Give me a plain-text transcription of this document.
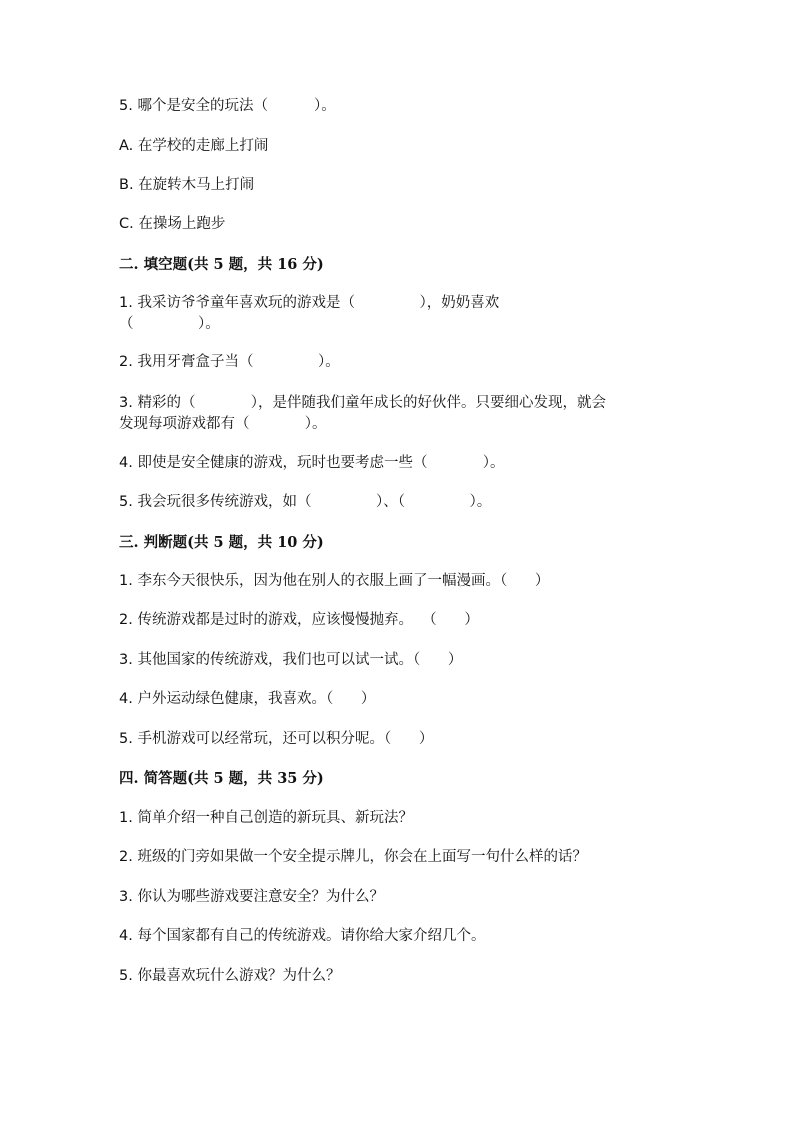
5. 哪个是安全的玩法（          ）。
A. 在学校的走廊上打闹
B. 在旋转木马上打闹
C. 在操场上跑步
二. 填空题(共 5 题，共 16 分)
1. 我采访爷爷童年喜欢玩的游戏是（              ），奶奶喜欢
（              ）。
2. 我用牙膏盒子当（              ）。
3. 精彩的（            ），是伴随我们童年成长的好伙伴。只要细心发现，就会
发现每项游戏都有（            ）。
4. 即使是安全健康的游戏，玩时也要考虑一些（            ）。
5. 我会玩很多传统游戏，如（              ）、（              ）。
三. 判断题(共 5 题，共 10 分)
1. 李东今天很快乐，因为他在别人的衣服上画了一幅漫画。（      ）
2. 传统游戏都是过时的游戏，应该慢慢抛弃。  （      ）
3. 其他国家的传统游戏，我们也可以试一试。（      ）
4. 户外运动绿色健康，我喜欢。（      ）
5. 手机游戏可以经常玩，还可以积分呢。（      ）
四. 简答题(共 5 题，共 35 分)
1. 简单介绍一种自己创造的新玩具、新玩法？
2. 班级的门旁如果做一个安全提示牌儿，你会在上面写一句什么样的话？
3. 你认为哪些游戏要注意安全？为什么？
4. 每个国家都有自己的传统游戏。请你给大家介绍几个。
5. 你最喜欢玩什么游戏？为什么？
